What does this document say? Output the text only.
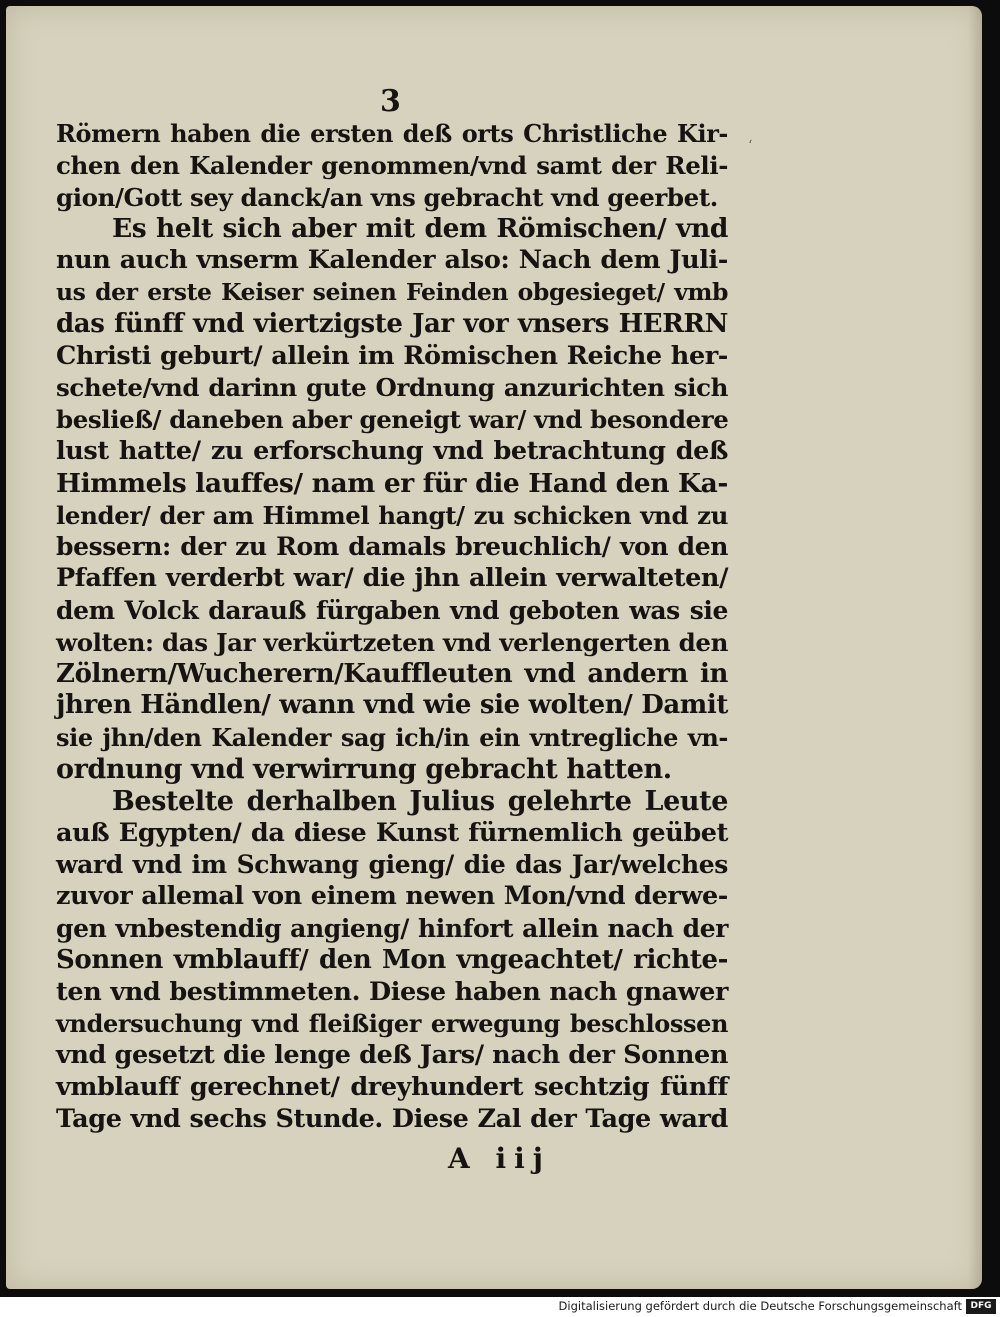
3
‘
Römern haben die ersten deß orts Christliche Kir-
chen den Kalender genommen/vnd samt der Reli-
gion/Gott sey danck/an vns gebracht vnd geerbet.
Es helt sich aber mit dem Römischen/ vnd
nun auch vnserm Kalender also: Nach dem Juli-
us der erste Keiser seinen Feinden obgesieget/ vmb
das fünff vnd viertzigste Jar vor vnsers HERRN
Christi geburt/ allein im Römischen Reiche her-
schete/vnd darinn gute Ordnung anzurichten sich
besließ/ daneben aber geneigt war/ vnd besondere
lust hatte/ zu erforschung vnd betrachtung deß
Himmels lauffes/ nam er für die Hand den Ka-
lender/ der am Himmel hangt/ zu schicken vnd zu
bessern: der zu Rom damals breuchlich/ von den
Pfaffen verderbt war/ die jhn allein verwalteten/
dem Volck darauß fürgaben vnd geboten was sie
wolten: das Jar verkürtzeten vnd verlengerten den
Zölnern/Wucherern/Kauffleuten vnd andern in
jhren Händlen/ wann vnd wie sie wolten/ Damit
sie jhn/den Kalender sag ich/in ein vntregliche vn-
ordnung vnd verwirrung gebracht hatten.
Bestelte derhalben Julius gelehrte Leute
auß Egypten/ da diese Kunst fürnemlich geübet
ward vnd im Schwang gieng/ die das Jar/welches
zuvor allemal von einem newen Mon/vnd derwe-
gen vnbestendig angieng/ hinfort allein nach der
Sonnen vmblauff/ den Mon vngeachtet/ richte-
ten vnd bestimmeten. Diese haben nach gnawer
vndersuchung vnd fleißiger erwegung beschlossen
vnd gesetzt die lenge deß Jars/ nach der Sonnen
vmblauff gerechnet/ dreyhundert sechtzig fünff
Tage vnd sechs Stunde. Diese Zal der Tage ward
A iij
Digitalisierung gefördert durch die Deutsche Forschungsgemeinschaft DFG
